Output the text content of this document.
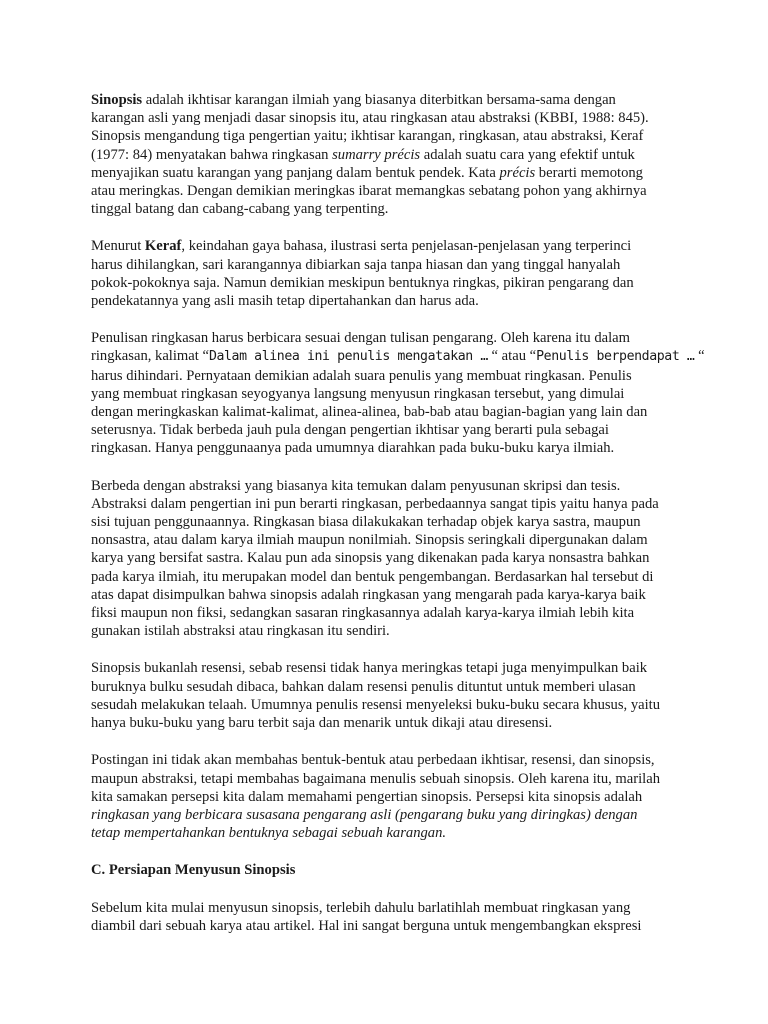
Sinopsis adalah ikhtisar karangan ilmiah yang biasanya diterbitkan bersama-sama dengan
karangan asli yang menjadi dasar sinopsis itu, atau ringkasan atau abstraksi (KBBI, 1988: 845).
Sinopsis mengandung tiga pengertian yaitu; ikhtisar karangan, ringkasan, atau abstraksi, Keraf
(1977: 84) menyatakan bahwa ringkasan sumarry précis adalah suatu cara yang efektif untuk
menyajikan suatu karangan yang panjang dalam bentuk pendek. Kata précis berarti memotong
atau meringkas. Dengan demikian meringkas ibarat memangkas sebatang pohon yang akhirnya
tinggal batang dan cabang-cabang yang terpenting.

Menurut Keraf, keindahan gaya bahasa, ilustrasi serta penjelasan-penjelasan yang terperinci
harus dihilangkan, sari karangannya dibiarkan saja tanpa hiasan dan yang tinggal hanyalah
pokok-pokoknya saja. Namun demikian meskipun bentuknya ringkas, pikiran pengarang dan
pendekatannya yang asli masih tetap dipertahankan dan harus ada.

Penulisan ringkasan harus berbicara sesuai dengan tulisan pengarang. Oleh karena itu dalam
ringkasan, kalimat “Dalam alinea ini penulis mengatakan … “ atau “Penulis berpendapat … “
harus dihindari. Pernyataan demikian adalah suara penulis yang membuat ringkasan. Penulis
yang membuat ringkasan seyogyanya langsung menyusun ringkasan tersebut, yang dimulai
dengan meringkaskan kalimat-kalimat, alinea-alinea, bab-bab atau bagian-bagian yang lain dan
seterusnya. Tidak berbeda jauh pula dengan pengertian ikhtisar yang berarti pula sebagai
ringkasan. Hanya penggunaanya pada umumnya diarahkan pada buku-buku karya ilmiah.

Berbeda dengan abstraksi yang biasanya kita temukan dalam penyusunan skripsi dan tesis.
Abstraksi dalam pengertian ini pun berarti ringkasan, perbedaannya sangat tipis yaitu hanya pada
sisi tujuan penggunaannya. Ringkasan biasa dilakukakan terhadap objek karya sastra, maupun
nonsastra, atau dalam karya ilmiah maupun nonilmiah. Sinopsis seringkali dipergunakan dalam
karya yang bersifat sastra. Kalau pun ada sinopsis yang dikenakan pada karya nonsastra bahkan
pada karya ilmiah, itu merupakan model dan bentuk pengembangan. Berdasarkan hal tersebut di
atas dapat disimpulkan bahwa sinopsis adalah ringkasan yang mengarah pada karya-karya baik
fiksi maupun non fiksi, sedangkan sasaran ringkasannya adalah karya-karya ilmiah lebih kita
gunakan istilah abstraksi atau ringkasan itu sendiri.

Sinopsis bukanlah resensi, sebab resensi tidak hanya meringkas tetapi juga menyimpulkan baik
buruknya bulku sesudah dibaca, bahkan dalam resensi penulis dituntut untuk memberi ulasan
sesudah melakukan telaah. Umumnya penulis resensi menyeleksi buku-buku secara khusus, yaitu
hanya buku-buku yang baru terbit saja dan menarik untuk dikaji atau diresensi.

Postingan ini tidak akan membahas bentuk-bentuk atau perbedaan ikhtisar, resensi, dan sinopsis,
maupun abstraksi, tetapi membahas bagaimana menulis sebuah sinopsis. Oleh karena itu, marilah
kita samakan persepsi kita dalam memahami pengertian sinopsis. Persepsi kita sinopsis adalah
ringkasan yang berbicara susasana pengarang asli (pengarang buku yang diringkas) dengan
tetap mempertahankan bentuknya sebagai sebuah karangan.

C. Persiapan Menyusun Sinopsis

Sebelum kita mulai menyusun sinopsis, terlebih dahulu barlatihlah membuat ringkasan yang
diambil dari sebuah karya atau artikel. Hal ini sangat berguna untuk mengembangkan ekspresi
